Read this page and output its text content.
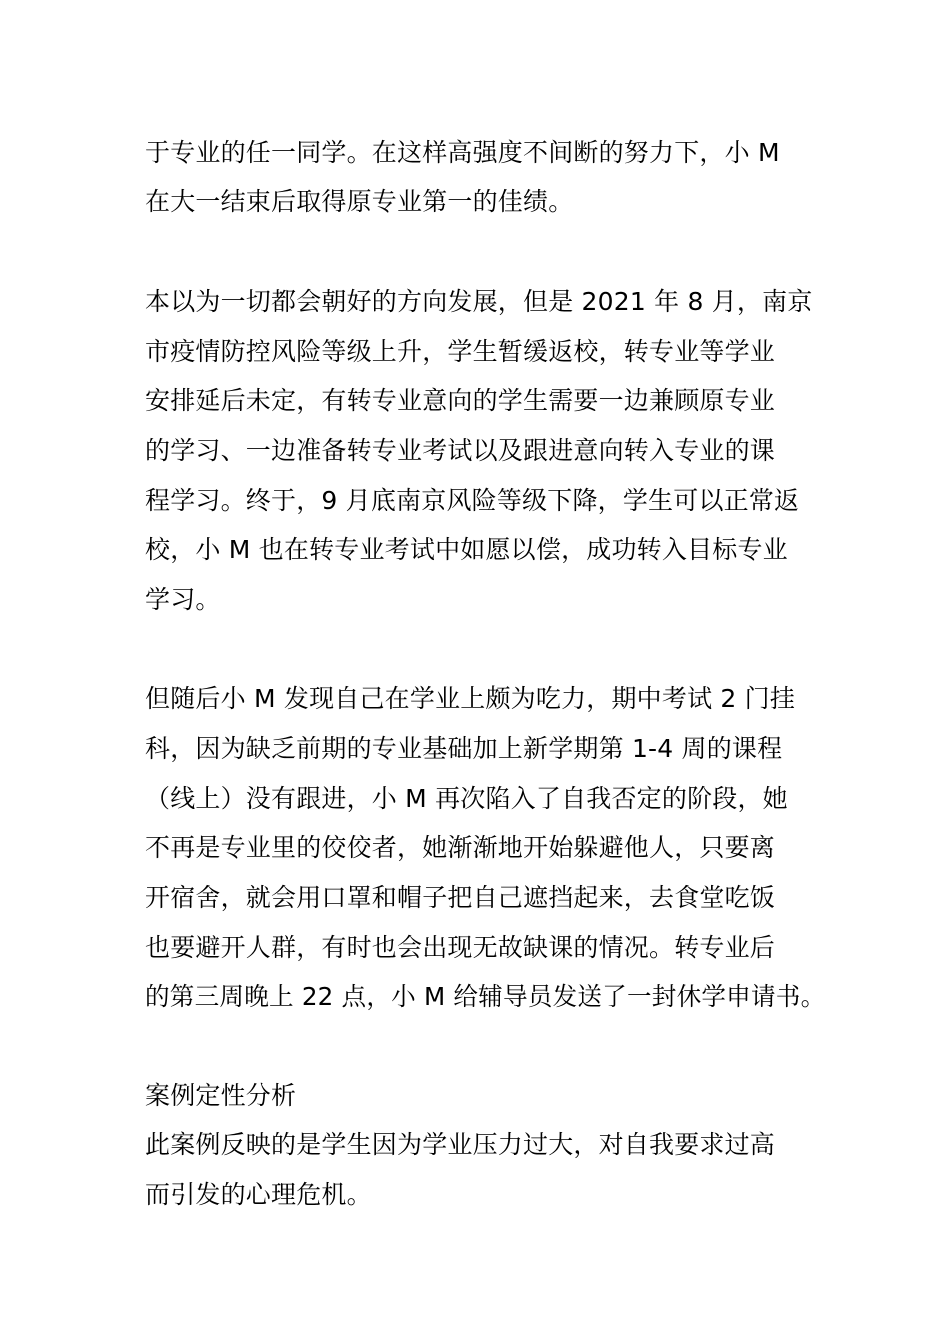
于专业的任一同学。在这样高强度不间断的努力下，小 M
在大一结束后取得原专业第一的佳绩。
本以为一切都会朝好的方向发展，但是 2021 年 8 月，南京
市疫情防控风险等级上升，学生暂缓返校，转专业等学业
安排延后未定，有转专业意向的学生需要一边兼顾原专业
的学习、一边准备转专业考试以及跟进意向转入专业的课
程学习。终于，9 月底南京风险等级下降，学生可以正常返
校，小 M 也在转专业考试中如愿以偿，成功转入目标专业
学习。
但随后小 M 发现自己在学业上颇为吃力，期中考试 2 门挂
科，因为缺乏前期的专业基础加上新学期第 1-4 周的课程
（线上）没有跟进，小 M 再次陷入了自我否定的阶段，她
不再是专业里的佼佼者，她渐渐地开始躲避他人，只要离
开宿舍，就会用口罩和帽子把自己遮挡起来，去食堂吃饭
也要避开人群，有时也会出现无故缺课的情况。转专业后
的第三周晚上 22 点，小 M 给辅导员发送了一封休学申请书。
案例定性分析
此案例反映的是学生因为学业压力过大，对自我要求过高
而引发的心理危机。
